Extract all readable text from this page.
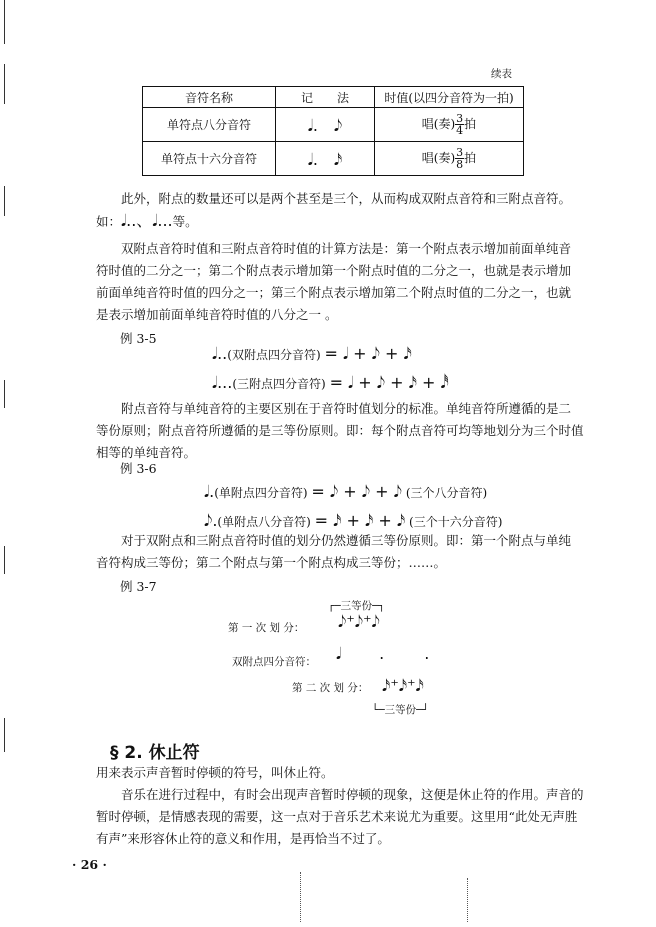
续表
音符名称	记　　法	时值(以四分音符为一拍)
单符点八分音符	𝅘𝅥.　𝅘𝅥𝅮	唱(奏) $\frac{3}{4}$ 拍
单符点十六分音符	𝅘𝅥.　𝅘𝅥𝅯	唱(奏) $\frac{3}{8}$ 拍
此外，附点的数量还可以是两个甚至是三个，从而构成双附点音符和三附点音符。
如：𝅘𝅥..、𝅘𝅥...等。
双附点音符时值和三附点音符时值的计算方法是：第一个附点表示增加前面单纯音
符时值的二分之一；第二个附点表示增加第一个附点时值的二分之一，也就是表示增加
前面单纯音符时值的四分之一；第三个附点表示增加第二个附点时值的二分之一，也就
是表示增加前面单纯音符时值的八分之一 。
例 3-5
𝅘𝅥..(双附点四分音符) = 𝅘𝅥 + 𝅘𝅥𝅮 + 𝅘𝅥𝅯
𝅘𝅥...(三附点四分音符) = 𝅘𝅥 + 𝅘𝅥𝅮 + 𝅘𝅥𝅯 + 𝅘𝅥𝅰
附点音符与单纯音符的主要区别在于音符时值划分的标准。单纯音符所遵循的是二
等份原则；附点音符所遵循的是三等份原则。即：每个附点音符可均等地划分为三个时值
相等的单纯音符。
例 3-6
𝅘𝅥.(单附点四分音符) = 𝅘𝅥𝅮 + 𝅘𝅥𝅮 + 𝅘𝅥𝅮 (三个八分音符)
𝅘𝅥𝅮.(单附点八分音符) = 𝅘𝅥𝅯 + 𝅘𝅥𝅯 + 𝅘𝅥𝅯 (三个十六分音符)
对于双附点和三附点音符时值的划分仍然遵循三等份原则。即：第一个附点与单纯
音符构成三等份；第二个附点与第一个附点构成三等份；……。
例 3-7
┌─三等份─┐
第 一 次 划 分： 𝅘𝅥𝅮⁺𝅘𝅥𝅮⁺𝅘𝅥𝅮
双附点四分音符： 𝅘𝅥 .	.
第 二 次 划 分： 𝅘𝅥𝅯⁺𝅘𝅥𝅯⁺𝅘𝅥𝅯
└─三等份─┘
§ 2. 休止符
用来表示声音暂时停顿的符号，叫休止符。
音乐在进行过程中，有时会出现声音暂时停顿的现象，这便是休止符的作用。声音的
暂时停顿，是情感表现的需要，这一点对于音乐艺术来说尤为重要。这里用“此处无声胜
有声”来形容休止符的意义和作用，是再恰当不过了。
· 26 ·
